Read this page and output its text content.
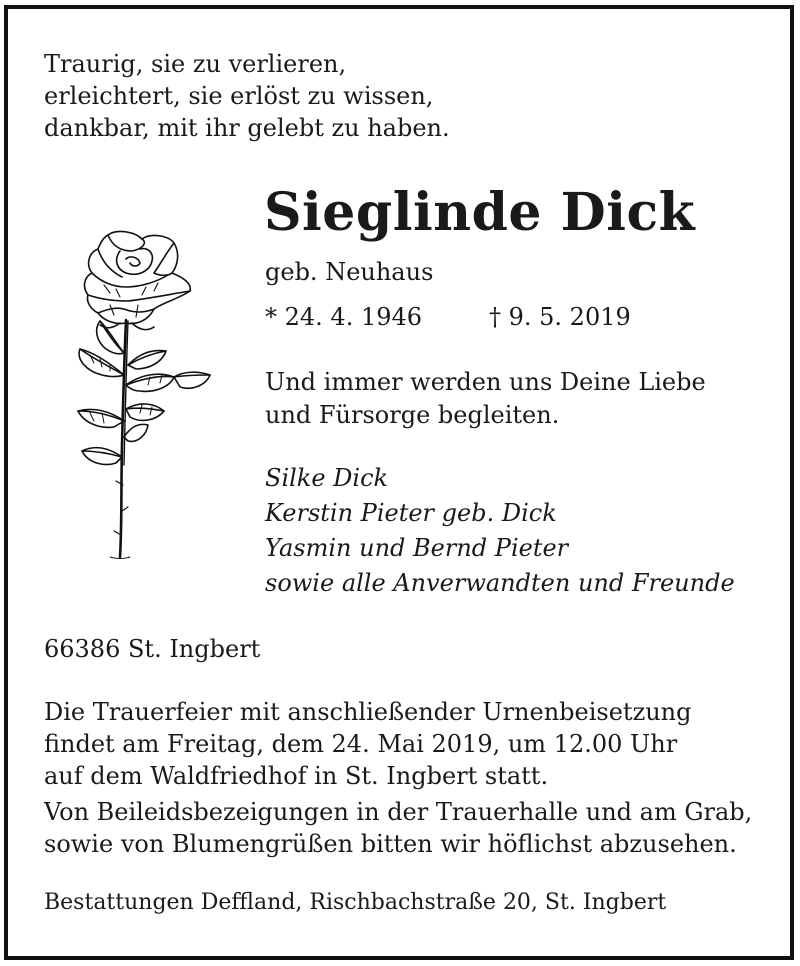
Traurig, sie zu verlieren,
erleichtert, sie erlöst zu wissen,
dankbar, mit ihr gelebt zu haben.
Sieglinde Dick
geb. Neuhaus
* 24. 4. 1946	† 9. 5. 2019
Und immer werden uns Deine Liebe
und Fürsorge begleiten.
Silke Dick
Kerstin Pieter geb. Dick
Yasmin und Bernd Pieter
sowie alle Anverwandten und Freunde
66386 St. Ingbert
Die Trauerfeier mit anschließender Urnenbeisetzung
findet am Freitag, dem 24. Mai 2019, um 12.00 Uhr
auf dem Waldfriedhof in St. Ingbert statt.
Von Beileidsbezeigungen in der Trauerhalle und am Grab,
sowie von Blumengrüßen bitten wir höflichst abzusehen.
Bestattungen Deffland, Rischbachstraße 20, St. Ingbert
